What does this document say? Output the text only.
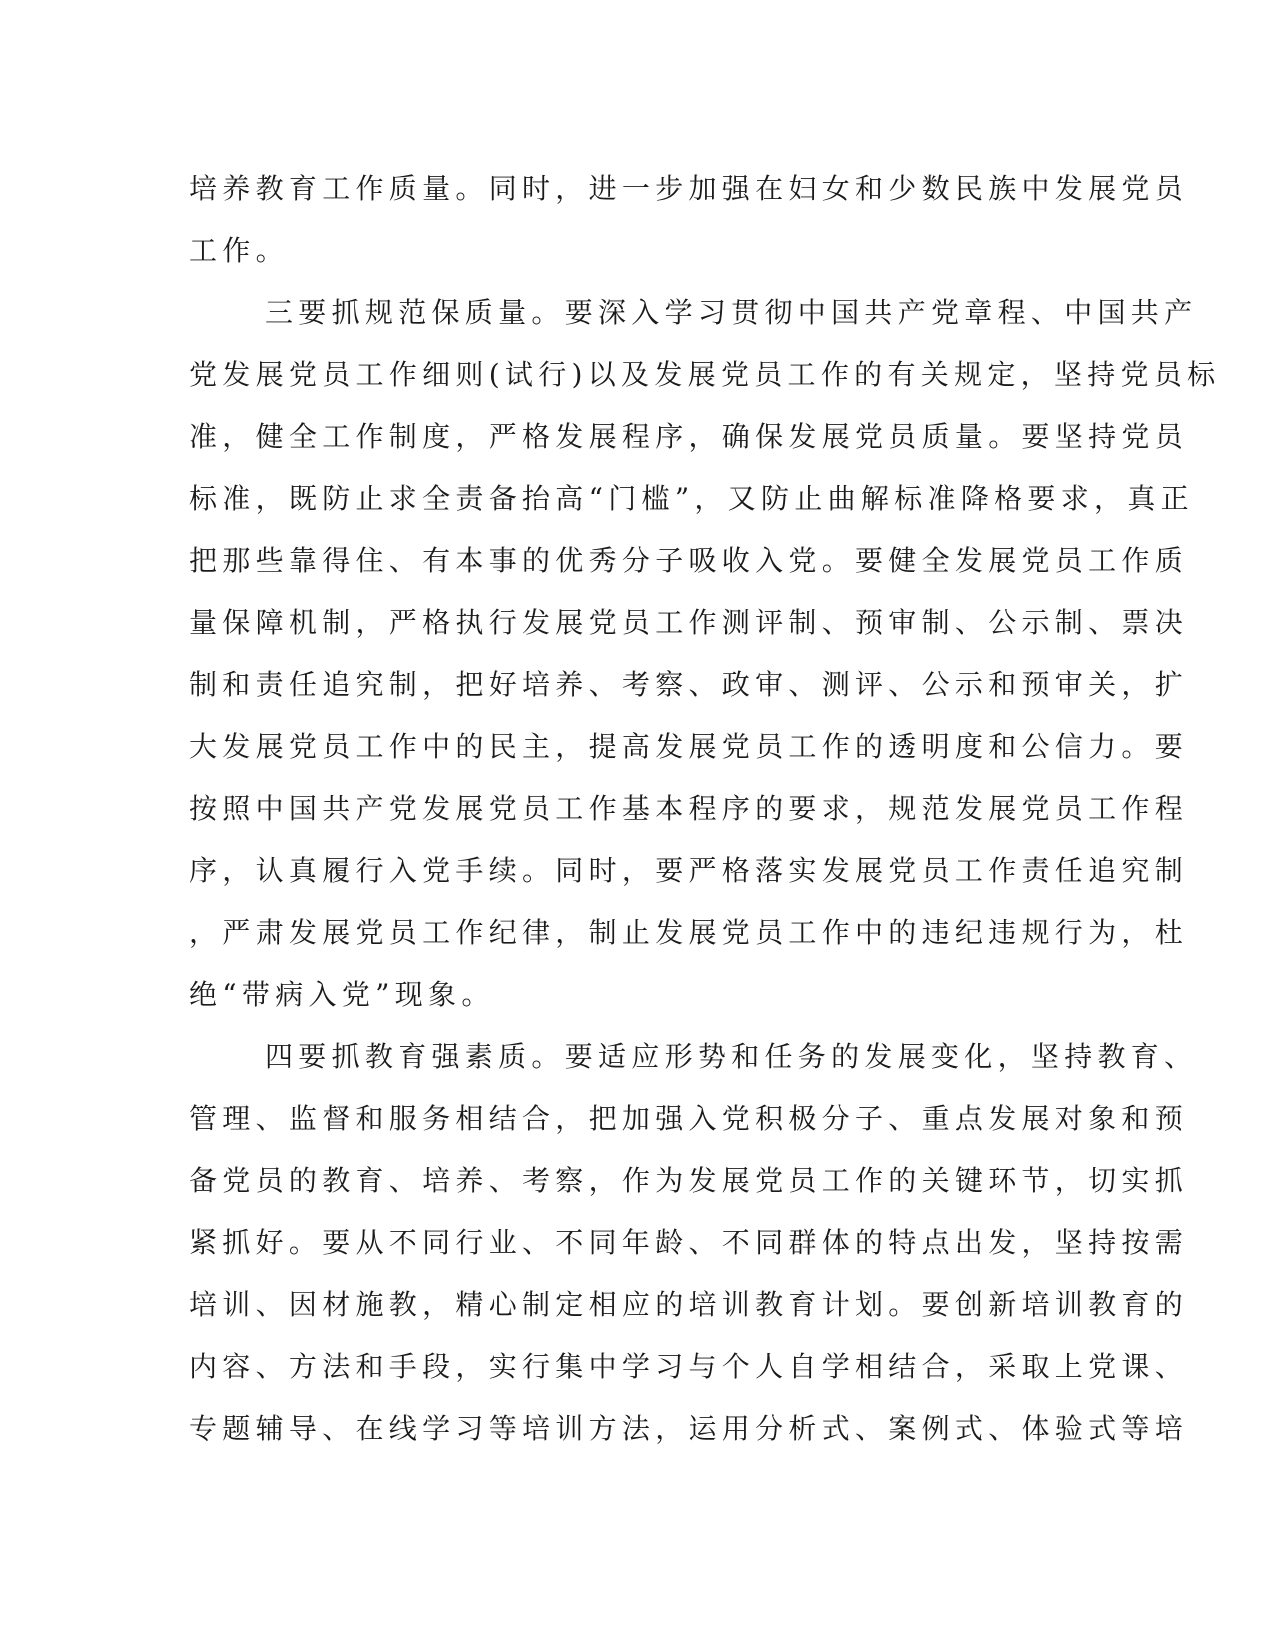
培养教育工作质量。同时，进一步加强在妇女和少数民族中发展党员
工作。
三要抓规范保质量。要深入学习贯彻中国共产党章程、中国共产
党发展党员工作细则(试行)以及发展党员工作的有关规定，坚持党员标
准，健全工作制度，严格发展程序，确保发展党员质量。要坚持党员
标准，既防止求全责备抬高“门槛”，又防止曲解标准降格要求，真正
把那些靠得住、有本事的优秀分子吸收入党。要健全发展党员工作质
量保障机制，严格执行发展党员工作测评制、预审制、公示制、票决
制和责任追究制，把好培养、考察、政审、测评、公示和预审关，扩
大发展党员工作中的民主，提高发展党员工作的透明度和公信力。要
按照中国共产党发展党员工作基本程序的要求，规范发展党员工作程
序，认真履行入党手续。同时，要严格落实发展党员工作责任追究制
，严肃发展党员工作纪律，制止发展党员工作中的违纪违规行为，杜
绝“带病入党”现象。
四要抓教育强素质。要适应形势和任务的发展变化，坚持教育、
管理、监督和服务相结合，把加强入党积极分子、重点发展对象和预
备党员的教育、培养、考察，作为发展党员工作的关键环节，切实抓
紧抓好。要从不同行业、不同年龄、不同群体的特点出发，坚持按需
培训、因材施教，精心制定相应的培训教育计划。要创新培训教育的
内容、方法和手段，实行集中学习与个人自学相结合，采取上党课、
专题辅导、在线学习等培训方法，运用分析式、案例式、体验式等培
